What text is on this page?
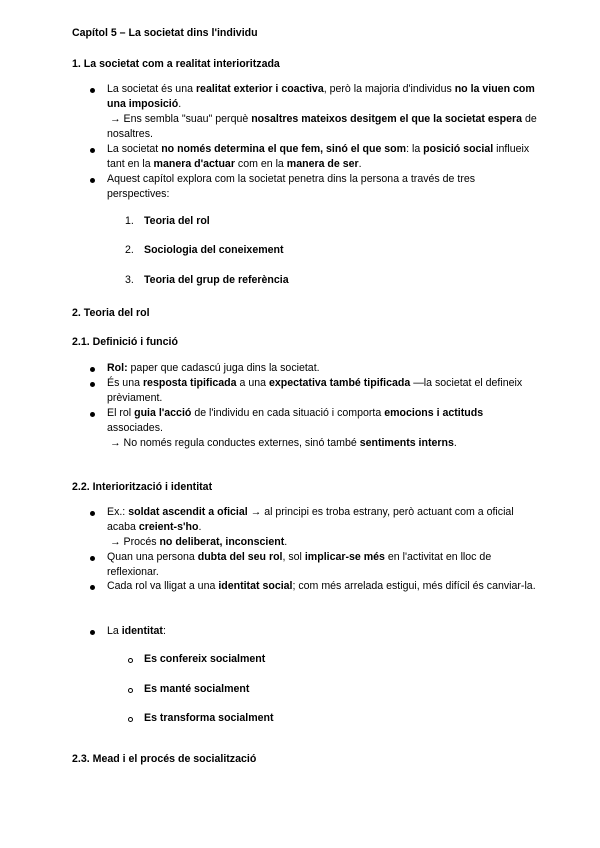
Capítol 5 – La societat dins l'individu
1. La societat com a realitat interioritzada
La societat és una realitat exterior i coactiva, però la majoria d'individus no la viuen com una imposició.
→ Ens sembla "suau" perquè nosaltres mateixos desitgem el que la societat espera de nosaltres.
La societat no només determina el que fem, sinó el que som: la posició social influeix tant en la manera d'actuar com en la manera de ser.
Aquest capítol explora com la societat penetra dins la persona a través de tres perspectives:
1. Teoria del rol
2. Sociologia del coneixement
3. Teoria del grup de referència
2. Teoria del rol
2.1. Definició i funció
Rol: paper que cadascú juga dins la societat.
És una resposta tipificada a una expectativa també tipificada —la societat el defineix prèviament.
El rol guia l'acció de l'individu en cada situació i comporta emocions i actituds associades.
→ No només regula conductes externes, sinó també sentiments interns.
2.2. Interiorització i identitat
Ex.: soldat ascendit a oficial → al principi es troba estrany, però actuant com a oficial acaba creient-s'ho.
→ Procés no deliberat, inconscient.
Quan una persona dubta del seu rol, sol implicar-se més en l'activitat en lloc de reflexionar.
Cada rol va lligat a una identitat social; com més arrelada estigui, més difícil és canviar-la.
La identitat:
Es confereix socialment
Es manté socialment
Es transforma socialment
2.3. Mead i el procés de socialització
